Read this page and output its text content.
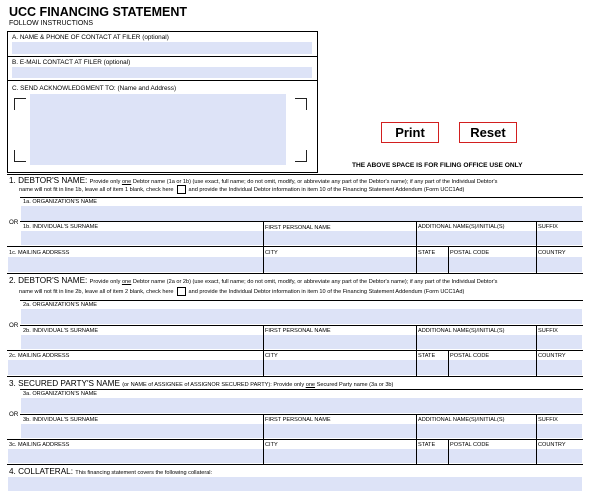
UCC FINANCING STATEMENT
FOLLOW INSTRUCTIONS
A. NAME & PHONE OF CONTACT AT FILER (optional)
B. E-MAIL CONTACT AT FILER (optional)
C. SEND ACKNOWLEDGMENT TO: (Name and Address)
Print	Reset
THE ABOVE SPACE IS FOR FILING OFFICE USE ONLY
1. DEBTOR'S NAME: Provide only one Debtor name (1a or 1b) (use exact, full name; do not omit, modify, or abbreviate any part of the Debtor's name); if any part of the Individual Debtor's
name will not fit in line 1b, leave all of item 1 blank, check here	and provide the Individual Debtor information in item 10 of the Financing Statement Addendum (Form UCC1Ad)
1a. ORGANIZATION'S NAME
OR
1b. INDIVIDUAL'S SURNAME	FIRST PERSONAL NAME	ADDITIONAL NAME(S)/INITIAL(S)	SUFFIX
1c. MAILING ADDRESS	CITY	STATE	POSTAL CODE	COUNTRY
2. DEBTOR'S NAME: Provide only one Debtor name (2a or 2b) (use exact, full name; do not omit, modify, or abbreviate any part of the Debtor's name); if any part of the Individual Debtor's
name will not fit in line 2b, leave all of item 2 blank, check here	and provide the Individual Debtor information in item 10 of the Financing Statement Addendum (Form UCC1Ad)
2a. ORGANIZATION'S NAME
OR
2b. INDIVIDUAL'S SURNAME	FIRST PERSONAL NAME	ADDITIONAL NAME(S)/INITIAL(S)	SUFFIX
2c. MAILING ADDRESS	CITY	STATE	POSTAL CODE	COUNTRY
3. SECURED PARTY'S NAME (or NAME of ASSIGNEE of ASSIGNOR SECURED PARTY): Provide only one Secured Party name (3a or 3b)
3a. ORGANIZATION'S NAME
OR
3b. INDIVIDUAL'S SURNAME	FIRST PERSONAL NAME	ADDITIONAL NAME(S)/INITIAL(S)	SUFFIX
3c. MAILING ADDRESS	CITY	STATE	POSTAL CODE	COUNTRY
4. COLLATERAL: This financing statement covers the following collateral:
